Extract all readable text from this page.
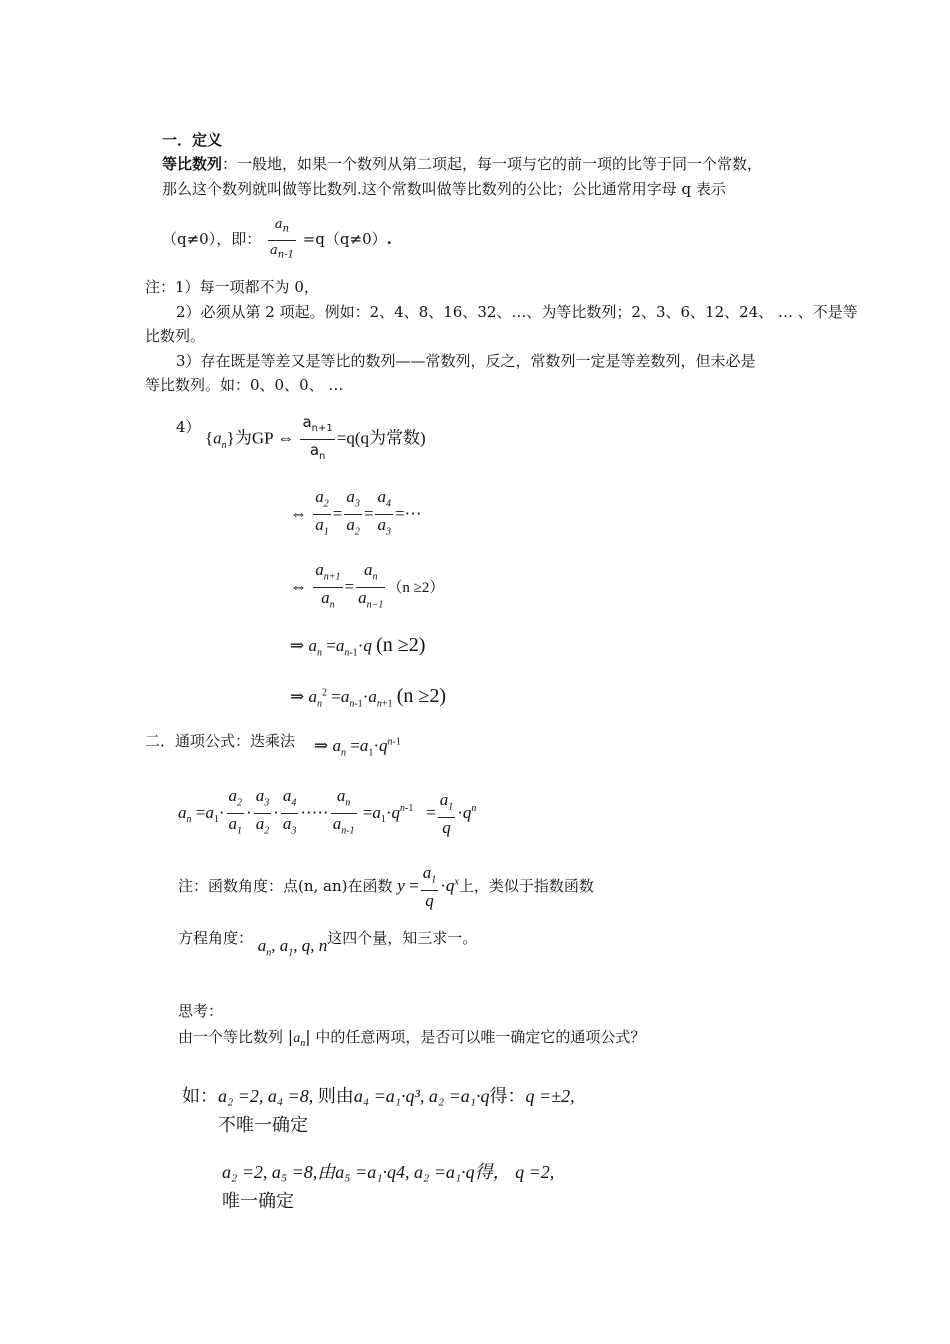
一．定义
等比数列：一般地，如果一个数列从第二项起，每一项与它的前一项的比等于同一个常数，
那么这个数列就叫做等比数列.这个常数叫做等比数列的公比；公比通常用字母 q 表示
（q≠0），即： $\frac{a_n}{a_{n-1}} =q(q\ne 0)$.
注：1）每一项都不为 0，
2）必须从第 2 项起。例如：2、4、8、16、32、…、为等比数列；2、3、6、12、24、 … 、不是等
比数列。
3）存在既是等差又是等比的数列——常数列，反之，常数列一定是等差数列，但未必是
等比数列。如：0、0、0、 …
4）
$\{a_n\}$为GP ⇔ $\frac{a_{n+1}}{a_n} =q(q$为常数)
⇔ $\frac{a_2}{a_1} = \frac{a_3}{a_2} = \frac{a_4}{a_3}$ =⋯
⇔ $\frac{a_{n+1}}{a_n} = \frac{a_n}{a_{n-1}} (n \ge 2)$
⇒ $a_n =a_{n-1}\cdot q$ (n ≥2)
⇒ $a_n^2 =a_{n-1}\cdot a_{n+1}$ (n ≥2)
二．通项公式：迭乘法 ⇒ $a_n =a_1\cdot q^{n-1}$
$a_n =a_1\cdot \frac{a_2}{a_1} \cdot \frac{a_3}{a_2} \cdot \frac{a_4}{a_3}$ ·⋯· $\frac{a_n}{a_{n-1}} =a_1\cdot q^{n-1} = \frac{a_1}{q} \cdot q^n$
注：函数角度：点(n, an)在函数 $y = \frac{a_1}{q} \cdot q^x$上，类似于指数函数
方程角度： $a_n$, $a_1$, q, n这四个量，知三求一。
思考：
由一个等比数列 $|a_n|$ 中的任意两项，是否可以唯一确定它的通项公式？
如：a₂ =2, a₄ =8, 则由a₄ =a₁·q³, a₂ =a₁·q得：q =±2,
不唯一确定
a₂ =2, a₅ =8,由a₅ =a₁·q4, a₂ =a₁·q得， q =2,
唯一确定
